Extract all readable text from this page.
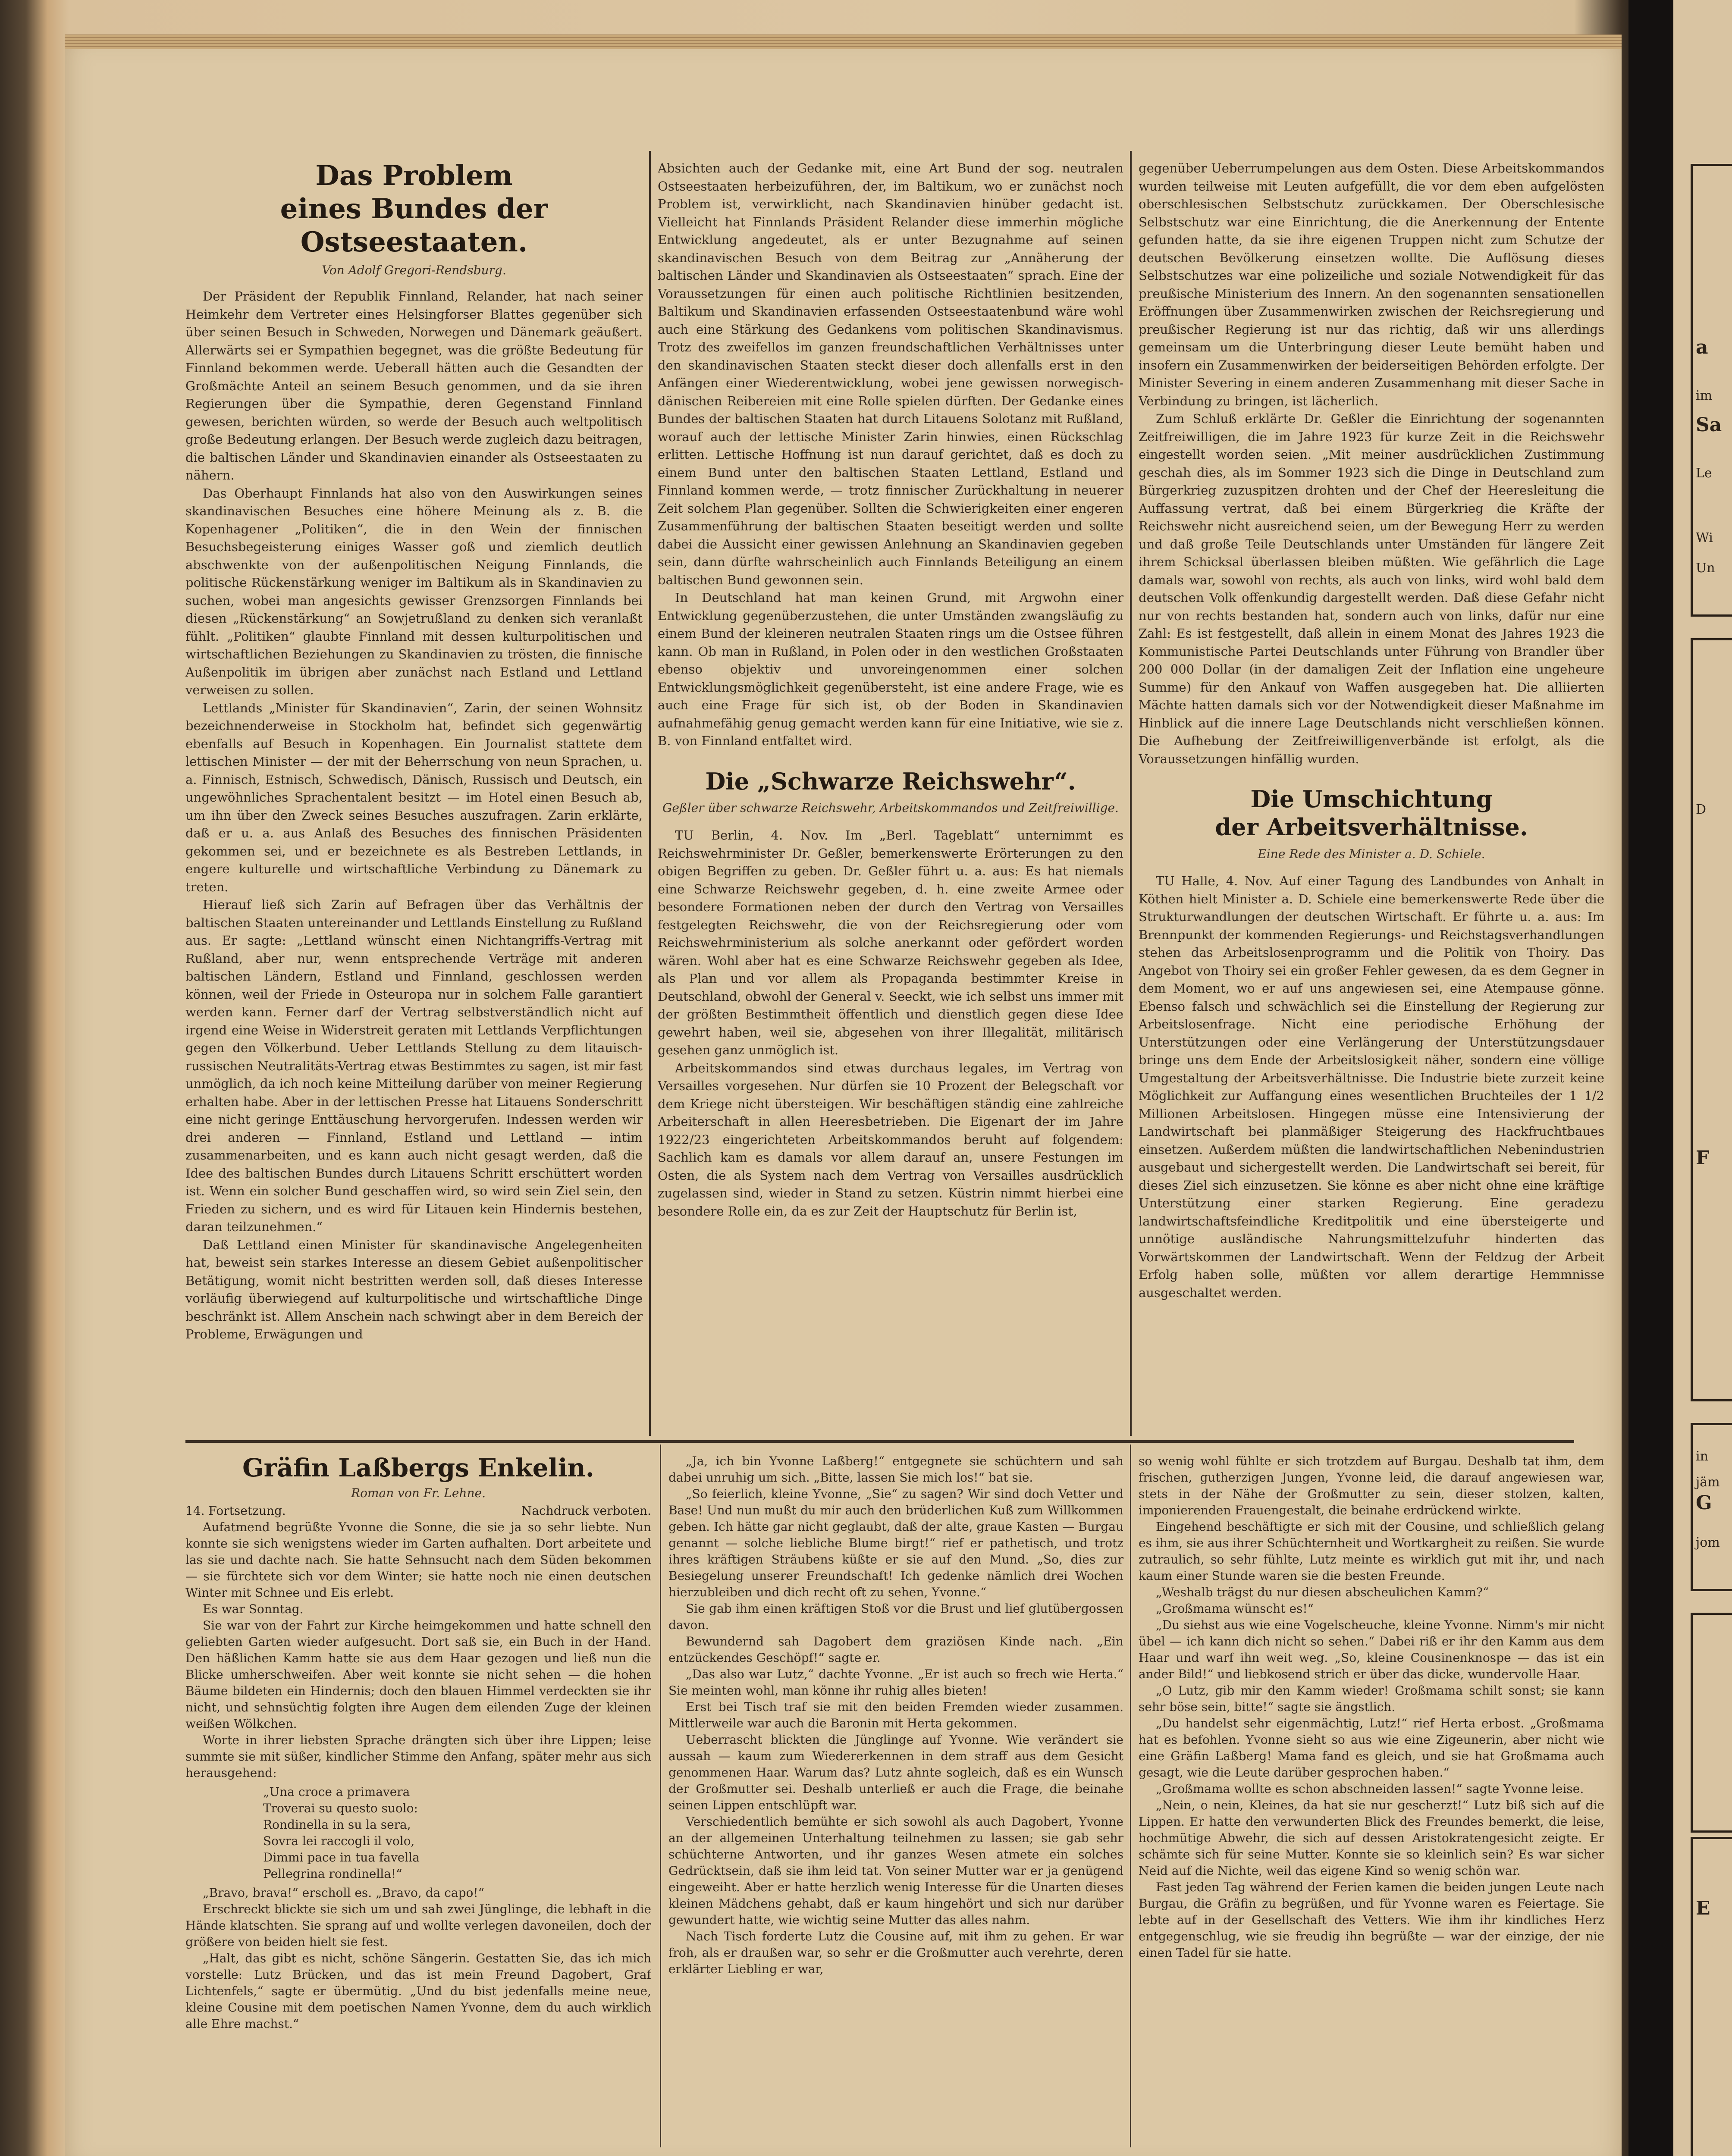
Das Problem
eines Bundes der Ostseestaaten.
Von Adolf Gregori-Rendsburg.

Der Präsident der Republik Finnland, Relander, hat nach seiner Heimkehr dem Vertreter eines Helsingforser Blattes gegenüber sich über seinen Besuch in Schweden, Norwegen und Dänemark geäußert. Allerwärts sei er Sympathien begegnet, was die größte Bedeutung für Finnland bekommen werde. Ueberall hätten auch die Gesandten der Großmächte Anteil an seinem Besuch genommen, und da sie ihren Regierungen über die Sympathie, deren Gegenstand Finnland gewesen, berichten würden, so werde der Besuch auch weltpolitisch große Bedeutung erlangen. Der Besuch werde zugleich dazu beitragen, die baltischen Länder und Skandinavien einander als Ostseestaaten zu nähern.

Das Oberhaupt Finnlands hat also von den Auswirkungen seines skandinavischen Besuches eine höhere Meinung als z. B. die Kopenhagener „Politiken“, die in den Wein der finnischen Besuchsbegeisterung einiges Wasser goß und ziemlich deutlich abschwenkte von der außenpolitischen Neigung Finnlands, die politische Rückenstärkung weniger im Baltikum als in Skandinavien zu suchen, wobei man angesichts gewisser Grenzsorgen Finnlands bei diesen „Rückenstärkung“ an Sowjetrußland zu denken sich veranlaßt fühlt. „Politiken“ glaubte Finnland mit dessen kulturpolitischen und wirtschaftlichen Beziehungen zu Skandinavien zu trösten, die finnische Außenpolitik im übrigen aber zunächst nach Estland und Lettland verweisen zu sollen.

Lettlands „Minister für Skandinavien“, Zarin, der seinen Wohnsitz bezeichnenderweise in Stockholm hat, befindet sich gegenwärtig ebenfalls auf Besuch in Kopenhagen. Ein Journalist stattete dem lettischen Minister — der mit der Beherrschung von neun Sprachen, u. a. Finnisch, Estnisch, Schwedisch, Dänisch, Russisch und Deutsch, ein ungewöhnliches Sprachentalent besitzt — im Hotel einen Besuch ab, um ihn über den Zweck seines Besuches auszufragen. Zarin erklärte, daß er u. a. aus Anlaß des Besuches des finnischen Präsidenten gekommen sei, und er bezeichnete es als Bestreben Lettlands, in engere kulturelle und wirtschaftliche Verbindung zu Dänemark zu treten.

Hierauf ließ sich Zarin auf Befragen über das Verhältnis der baltischen Staaten untereinander und Lettlands Einstellung zu Rußland aus. Er sagte: „Lettland wünscht einen Nichtangriffs-Vertrag mit Rußland, aber nur, wenn entsprechende Verträge mit anderen baltischen Ländern, Estland und Finnland, geschlossen werden können, weil der Friede in Osteuropa nur in solchem Falle garantiert werden kann. Ferner darf der Vertrag selbstverständlich nicht auf irgend eine Weise in Widerstreit geraten mit Lettlands Verpflichtungen gegen den Völkerbund. Ueber Lettlands Stellung zu dem litauisch-russischen Neutralitäts-Vertrag etwas Bestimmtes zu sagen, ist mir fast unmöglich, da ich noch keine Mitteilung darüber von meiner Regierung erhalten habe. Aber in der lettischen Presse hat Litauens Sonderschritt eine nicht geringe Enttäuschung hervorgerufen. Indessen werden wir drei anderen — Finnland, Estland und Lettland — intim zusammenarbeiten, und es kann auch nicht gesagt werden, daß die Idee des baltischen Bundes durch Litauens Schritt erschüttert worden ist. Wenn ein solcher Bund geschaffen wird, so wird sein Ziel sein, den Frieden zu sichern, und es wird für Litauen kein Hindernis bestehen, daran teilzunehmen.“

Daß Lettland einen Minister für skandinavische Angelegenheiten hat, beweist sein starkes Interesse an diesem Gebiet außenpolitischer Betätigung, womit nicht bestritten werden soll, daß dieses Interesse vorläufig überwiegend auf kulturpolitische und wirtschaftliche Dinge beschränkt ist. Allem Anschein nach schwingt aber in dem Bereich der Probleme, Erwägungen und

Absichten auch der Gedanke mit, eine Art Bund der sog. neutralen Ostseestaaten herbeizuführen, der, im Baltikum, wo er zunächst noch Problem ist, verwirklicht, nach Skandinavien hinüber gedacht ist. Vielleicht hat Finnlands Präsident Relander diese immerhin mögliche Entwicklung angedeutet, als er unter Bezugnahme auf seinen skandinavischen Besuch von dem Beitrag zur „Annäherung der baltischen Länder und Skandinavien als Ostseestaaten“ sprach. Eine der Voraussetzungen für einen auch politische Richtlinien besitzenden, Baltikum und Skandinavien erfassenden Ostseestaatenbund wäre wohl auch eine Stärkung des Gedankens vom politischen Skandinavismus. Trotz des zweifellos im ganzen freundschaftlichen Verhältnisses unter den skandinavischen Staaten steckt dieser doch allenfalls erst in den Anfängen einer Wiederentwicklung, wobei jene gewissen norwegisch-dänischen Reibereien mit eine Rolle spielen dürften. Der Gedanke eines Bundes der baltischen Staaten hat durch Litauens Solotanz mit Rußland, worauf auch der lettische Minister Zarin hinwies, einen Rückschlag erlitten. Lettische Hoffnung ist nun darauf gerichtet, daß es doch zu einem Bund unter den baltischen Staaten Lettland, Estland und Finnland kommen werde, — trotz finnischer Zurückhaltung in neuerer Zeit solchem Plan gegenüber. Sollten die Schwierigkeiten einer engeren Zusammenführung der baltischen Staaten beseitigt werden und sollte dabei die Aussicht einer gewissen Anlehnung an Skandinavien gegeben sein, dann dürfte wahrscheinlich auch Finnlands Beteiligung an einem baltischen Bund gewonnen sein.

In Deutschland hat man keinen Grund, mit Argwohn einer Entwicklung gegenüberzustehen, die unter Umständen zwangsläufig zu einem Bund der kleineren neutralen Staaten rings um die Ostsee führen kann. Ob man in Rußland, in Polen oder in den westlichen Großstaaten ebenso objektiv und unvoreingenommen einer solchen Entwicklungsmöglichkeit gegenübersteht, ist eine andere Frage, wie es auch eine Frage für sich ist, ob der Boden in Skandinavien aufnahmefähig genug gemacht werden kann für eine Initiative, wie sie z. B. von Finnland entfaltet wird.

Die „Schwarze Reichswehr“.
Geßler über schwarze Reichswehr, Arbeitskommandos und Zeitfreiwillige.

TU Berlin, 4. Nov. Im „Berl. Tageblatt“ unternimmt es Reichswehrminister Dr. Geßler, bemerkenswerte Erörterungen zu den obigen Begriffen zu geben. Dr. Geßler führt u. a. aus: Es hat niemals eine Schwarze Reichswehr gegeben, d. h. eine zweite Armee oder besondere Formationen neben der durch den Vertrag von Versailles festgelegten Reichswehr, die von der Reichsregierung oder vom Reichswehrministerium als solche anerkannt oder gefördert worden wären. Wohl aber hat es eine Schwarze Reichswehr gegeben als Idee, als Plan und vor allem als Propaganda bestimmter Kreise in Deutschland, obwohl der General v. Seeckt, wie ich selbst uns immer mit der größten Bestimmtheit öffentlich und dienstlich gegen diese Idee gewehrt haben, weil sie, abgesehen von ihrer Illegalität, militärisch gesehen ganz unmöglich ist.

Arbeitskommandos sind etwas durchaus legales, im Vertrag von Versailles vorgesehen. Nur dürfen sie 10 Prozent der Belegschaft vor dem Kriege nicht übersteigen. Wir beschäftigen ständig eine zahlreiche Arbeiterschaft in allen Heeresbetrieben. Die Eigenart der im Jahre 1922/23 eingerichteten Arbeitskommandos beruht auf folgendem: Sachlich kam es damals vor allem darauf an, unsere Festungen im Osten, die als System nach dem Vertrag von Versailles ausdrücklich zugelassen sind, wieder in Stand zu setzen. Küstrin nimmt hierbei eine besondere Rolle ein, da es zur Zeit der Hauptschutz für Berlin ist,

gegenüber Ueberrumpelungen aus dem Osten. Diese Arbeitskommandos wurden teilweise mit Leuten aufgefüllt, die vor dem eben aufgelösten oberschlesischen Selbstschutz zurückkamen. Der Oberschlesische Selbstschutz war eine Einrichtung, die die Anerkennung der Entente gefunden hatte, da sie ihre eigenen Truppen nicht zum Schutze der deutschen Bevölkerung einsetzen wollte. Die Auflösung dieses Selbstschutzes war eine polizeiliche und soziale Notwendigkeit für das preußische Ministerium des Innern. An den sogenannten sensationellen Eröffnungen über Zusammenwirken zwischen der Reichsregierung und preußischer Regierung ist nur das richtig, daß wir uns allerdings gemeinsam um die Unterbringung dieser Leute bemüht haben und insofern ein Zusammenwirken der beiderseitigen Behörden erfolgte. Der Minister Severing in einem anderen Zusammenhang mit dieser Sache in Verbindung zu bringen, ist lächerlich.

Zum Schluß erklärte Dr. Geßler die Einrichtung der sogenannten Zeitfreiwilligen, die im Jahre 1923 für kurze Zeit in die Reichswehr eingestellt worden seien. „Mit meiner ausdrücklichen Zustimmung geschah dies, als im Sommer 1923 sich die Dinge in Deutschland zum Bürgerkrieg zuzuspitzen drohten und der Chef der Heeresleitung die Auffassung vertrat, daß bei einem Bürgerkrieg die Kräfte der Reichswehr nicht ausreichend seien, um der Bewegung Herr zu werden und daß große Teile Deutschlands unter Umständen für längere Zeit ihrem Schicksal überlassen bleiben müßten. Wie gefährlich die Lage damals war, sowohl von rechts, als auch von links, wird wohl bald dem deutschen Volk offenkundig dargestellt werden. Daß diese Gefahr nicht nur von rechts bestanden hat, sondern auch von links, dafür nur eine Zahl: Es ist festgestellt, daß allein in einem Monat des Jahres 1923 die Kommunistische Partei Deutschlands unter Führung von Brandler über 200 000 Dollar (in der damaligen Zeit der Inflation eine ungeheure Summe) für den Ankauf von Waffen ausgegeben hat. Die alliierten Mächte hatten damals sich vor der Notwendigkeit dieser Maßnahme im Hinblick auf die innere Lage Deutschlands nicht verschließen können. Die Aufhebung der Zeitfreiwilligenverbände ist erfolgt, als die Voraussetzungen hinfällig wurden.

Die Umschichtung
der Arbeitsverhältnisse.
Eine Rede des Minister a. D. Schiele.

TU Halle, 4. Nov. Auf einer Tagung des Landbundes von Anhalt in Köthen hielt Minister a. D. Schiele eine bemerkenswerte Rede über die Strukturwandlungen der deutschen Wirtschaft. Er führte u. a. aus: Im Brennpunkt der kommenden Regierungs- und Reichstagsverhandlungen stehen das Arbeitslosenprogramm und die Politik von Thoiry. Das Angebot von Thoiry sei ein großer Fehler gewesen, da es dem Gegner in dem Moment, wo er auf uns angewiesen sei, eine Atempause gönne. Ebenso falsch und schwächlich sei die Einstellung der Regierung zur Arbeitslosenfrage. Nicht eine periodische Erhöhung der Unterstützungen oder eine Verlängerung der Unterstützungsdauer bringe uns dem Ende der Arbeitslosigkeit näher, sondern eine völlige Umgestaltung der Arbeitsverhältnisse. Die Industrie biete zurzeit keine Möglichkeit zur Auffangung eines wesentlichen Bruchteiles der 1 1/2 Millionen Arbeitslosen. Hingegen müsse eine Intensivierung der Landwirtschaft bei planmäßiger Steigerung des Hackfruchtbaues einsetzen. Außerdem müßten die landwirtschaftlichen Nebenindustrien ausgebaut und sichergestellt werden. Die Landwirtschaft sei bereit, für dieses Ziel sich einzusetzen. Sie könne es aber nicht ohne eine kräftige Unterstützung einer starken Regierung. Eine geradezu landwirtschaftsfeindliche Kreditpolitik und eine übersteigerte und unnötige ausländische Nahrungsmittelzufuhr hinderten das Vorwärtskommen der Landwirtschaft. Wenn der Feldzug der Arbeit Erfolg haben solle, müßten vor allem derartige Hemmnisse ausgeschaltet werden.

Gräfin Laßbergs Enkelin.
Roman von Fr. Lehne.
14. Fortsetzung.	Nachdruck verboten.

Aufatmend begrüßte Yvonne die Sonne, die sie ja so sehr liebte. Nun konnte sie sich wenigstens wieder im Garten aufhalten. Dort arbeitete und las sie und dachte nach. Sie hatte Sehnsucht nach dem Süden bekommen — sie fürchtete sich vor dem Winter; sie hatte noch nie einen deutschen Winter mit Schnee und Eis erlebt.

Es war Sonntag.

Sie war von der Fahrt zur Kirche heimgekommen und hatte schnell den geliebten Garten wieder aufgesucht. Dort saß sie, ein Buch in der Hand. Den häßlichen Kamm hatte sie aus dem Haar gezogen und ließ nun die Blicke umherschweifen. Aber weit konnte sie nicht sehen — die hohen Bäume bildeten ein Hindernis; doch den blauen Himmel verdeckten sie ihr nicht, und sehnsüchtig folgten ihre Augen dem eilenden Zuge der kleinen weißen Wölkchen.

Worte in ihrer liebsten Sprache drängten sich über ihre Lippen; leise summte sie mit süßer, kindlicher Stimme den Anfang, später mehr aus sich herausgehend:

„Una croce a primavera
Troverai su questo suolo:
Rondinella in su la sera,
Sovra lei raccogli il volo,
Dimmi pace in tua favella
Pellegrina rondinella!“

„Bravo, brava!“ erscholl es. „Bravo, da capo!“

Erschreckt blickte sie sich um und sah zwei Jünglinge, die lebhaft in die Hände klatschten. Sie sprang auf und wollte verlegen davoneilen, doch der größere von beiden hielt sie fest.

„Halt, das gibt es nicht, schöne Sängerin. Gestatten Sie, das ich mich vorstelle: Lutz Brücken, und das ist mein Freund Dagobert, Graf Lichtenfels,“ sagte er übermütig. „Und du bist jedenfalls meine neue, kleine Cousine mit dem poetischen Namen Yvonne, dem du auch wirklich alle Ehre machst.“

„Ja, ich bin Yvonne Laßberg!“ entgegnete sie schüchtern und sah dabei unruhig um sich. „Bitte, lassen Sie mich los!“ bat sie.

„So feierlich, kleine Yvonne, „Sie“ zu sagen? Wir sind doch Vetter und Base! Und nun mußt du mir auch den brüderlichen Kuß zum Willkommen geben. Ich hätte gar nicht geglaubt, daß der alte, graue Kasten — Burgau genannt — solche liebliche Blume birgt!“ rief er pathetisch, und trotz ihres kräftigen Sträubens küßte er sie auf den Mund. „So, dies zur Besiegelung unserer Freundschaft! Ich gedenke nämlich drei Wochen hierzubleiben und dich recht oft zu sehen, Yvonne.“

Sie gab ihm einen kräftigen Stoß vor die Brust und lief glutübergossen davon.

Bewundernd sah Dagobert dem graziösen Kinde nach. „Ein entzückendes Geschöpf!“ sagte er.

„Das also war Lutz,“ dachte Yvonne. „Er ist auch so frech wie Herta.“ Sie meinten wohl, man könne ihr ruhig alles bieten!

Erst bei Tisch traf sie mit den beiden Fremden wieder zusammen. Mittlerweile war auch die Baronin mit Herta gekommen.

Ueberrascht blickten die Jünglinge auf Yvonne. Wie verändert sie aussah — kaum zum Wiedererkennen in dem straff aus dem Gesicht genommenen Haar. Warum das? Lutz ahnte sogleich, daß es ein Wunsch der Großmutter sei. Deshalb unterließ er auch die Frage, die beinahe seinen Lippen entschlüpft war.

Verschiedentlich bemühte er sich sowohl als auch Dagobert, Yvonne an der allgemeinen Unterhaltung teilnehmen zu lassen; sie gab sehr schüchterne Antworten, und ihr ganzes Wesen atmete ein solches Gedrücktsein, daß sie ihm leid tat. Von seiner Mutter war er ja genügend eingeweiht. Aber er hatte herzlich wenig Interesse für die Unarten dieses kleinen Mädchens gehabt, daß er kaum hingehört und sich nur darüber gewundert hatte, wie wichtig seine Mutter das alles nahm.

Nach Tisch forderte Lutz die Cousine auf, mit ihm zu gehen. Er war froh, als er draußen war, so sehr er die Großmutter auch verehrte, deren erklärter Liebling er war,

so wenig wohl fühlte er sich trotzdem auf Burgau. Deshalb tat ihm, dem frischen, gutherzigen Jungen, Yvonne leid, die darauf angewiesen war, stets in der Nähe der Großmutter zu sein, dieser stolzen, kalten, imponierenden Frauengestalt, die beinahe erdrückend wirkte.

Eingehend beschäftigte er sich mit der Cousine, und schließlich gelang es ihm, sie aus ihrer Schüchternheit und Wortkargheit zu reißen. Sie wurde zutraulich, so sehr fühlte, Lutz meinte es wirklich gut mit ihr, und nach kaum einer Stunde waren sie die besten Freunde.

„Weshalb trägst du nur diesen abscheulichen Kamm?“

„Großmama wünscht es!“

„Du siehst aus wie eine Vogelscheuche, kleine Yvonne. Nimm's mir nicht übel — ich kann dich nicht so sehen.“ Dabei riß er ihr den Kamm aus dem Haar und warf ihn weit weg. „So, kleine Cousinenknospe — das ist ein ander Bild!“ und liebkosend strich er über das dicke, wundervolle Haar.

„O Lutz, gib mir den Kamm wieder! Großmama schilt sonst; sie kann sehr böse sein, bitte!“ sagte sie ängstlich.

„Du handelst sehr eigenmächtig, Lutz!“ rief Herta erbost. „Großmama hat es befohlen. Yvonne sieht so aus wie eine Zigeunerin, aber nicht wie eine Gräfin Laßberg! Mama fand es gleich, und sie hat Großmama auch gesagt, wie die Leute darüber gesprochen haben.“

„Großmama wollte es schon abschneiden lassen!“ sagte Yvonne leise.

„Nein, o nein, Kleines, da hat sie nur gescherzt!“ Lutz biß sich auf die Lippen. Er hatte den verwunderten Blick des Freundes bemerkt, die leise, hochmütige Abwehr, die sich auf dessen Aristokratengesicht zeigte. Er schämte sich für seine Mutter. Konnte sie so kleinlich sein? Es war sicher Neid auf die Nichte, weil das eigene Kind so wenig schön war.

Fast jeden Tag während der Ferien kamen die beiden jungen Leute nach Burgau, die Gräfin zu begrüßen, und für Yvonne waren es Feiertage. Sie lebte auf in der Gesellschaft des Vetters. Wie ihm ihr kindliches Herz entgegenschlug, wie sie freudig ihn begrüßte — war der einzige, der nie einen Tadel für sie hatte.

a
im
Sa
Le
Wi
Un
D
F
in
jäm
G
jom
E
